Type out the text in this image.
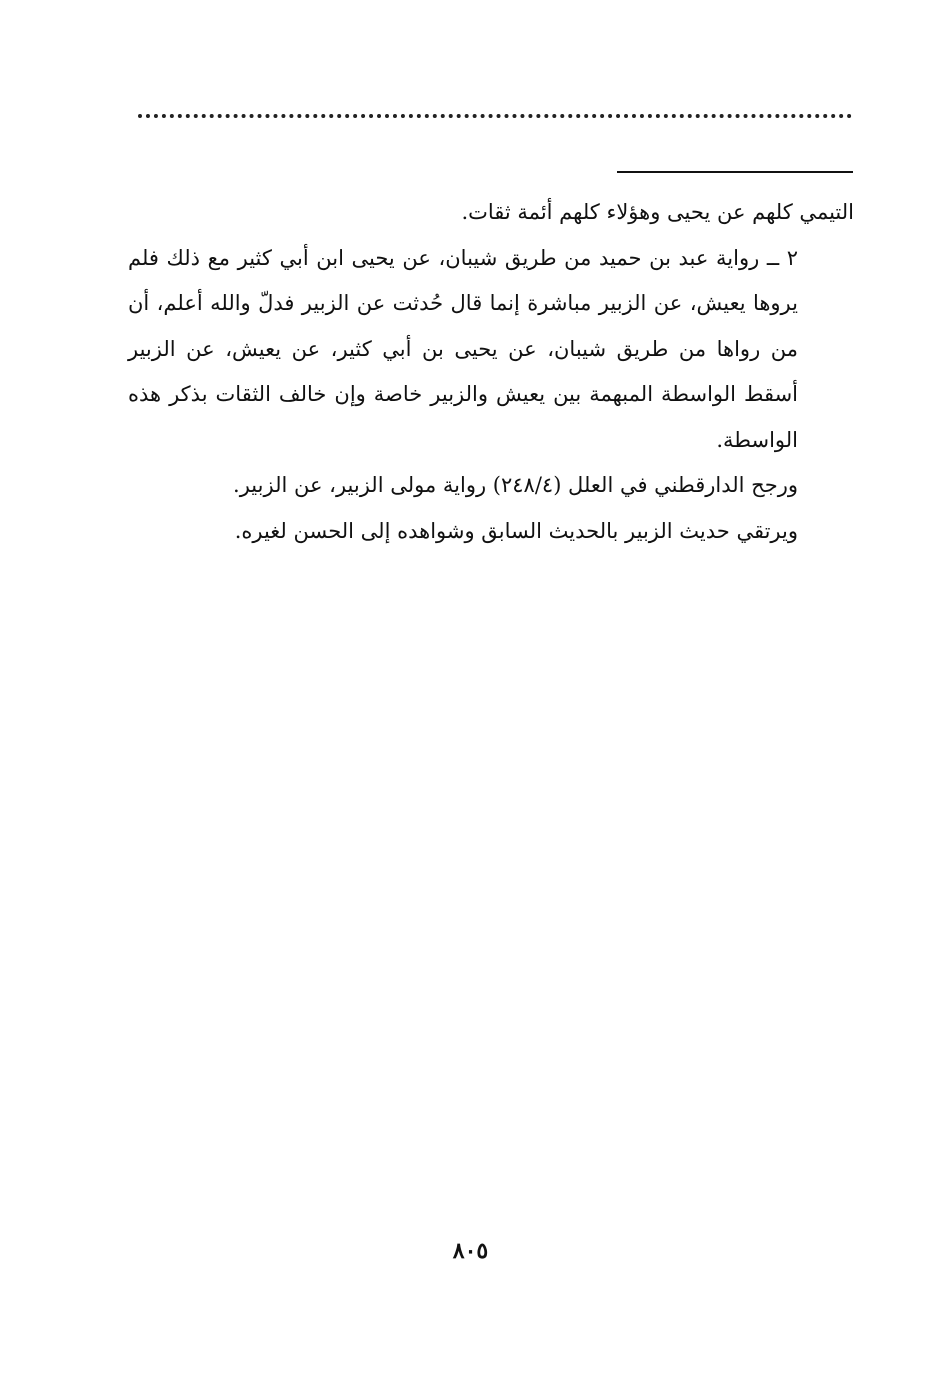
التيمي كلهم عن يحيى وهؤلاء كلهم أئمة ثقات.

٢ ــ رواية عبد بن حميد من طريق شيبان، عن يحيى ابن أبي كثير مع ذلك فلم يروها يعيش، عن الزبير مباشرة إنما قال حُدثت عن الزبير فدلّ والله أعلم، أن من رواها من طريق شيبان، عن يحيى بن أبي كثير، عن يعيش، عن الزبير أسقط الواسطة المبهمة بين يعيش والزبير خاصة وإن خالف الثقات بذكر هذه الواسطة.

ورجح الدارقطني في العلل (٢٤٨/٤) رواية مولى الزبير، عن الزبير.

ويرتقي حديث الزبير بالحديث السابق وشواهده إلى الحسن لغيره.

٨٠٥
